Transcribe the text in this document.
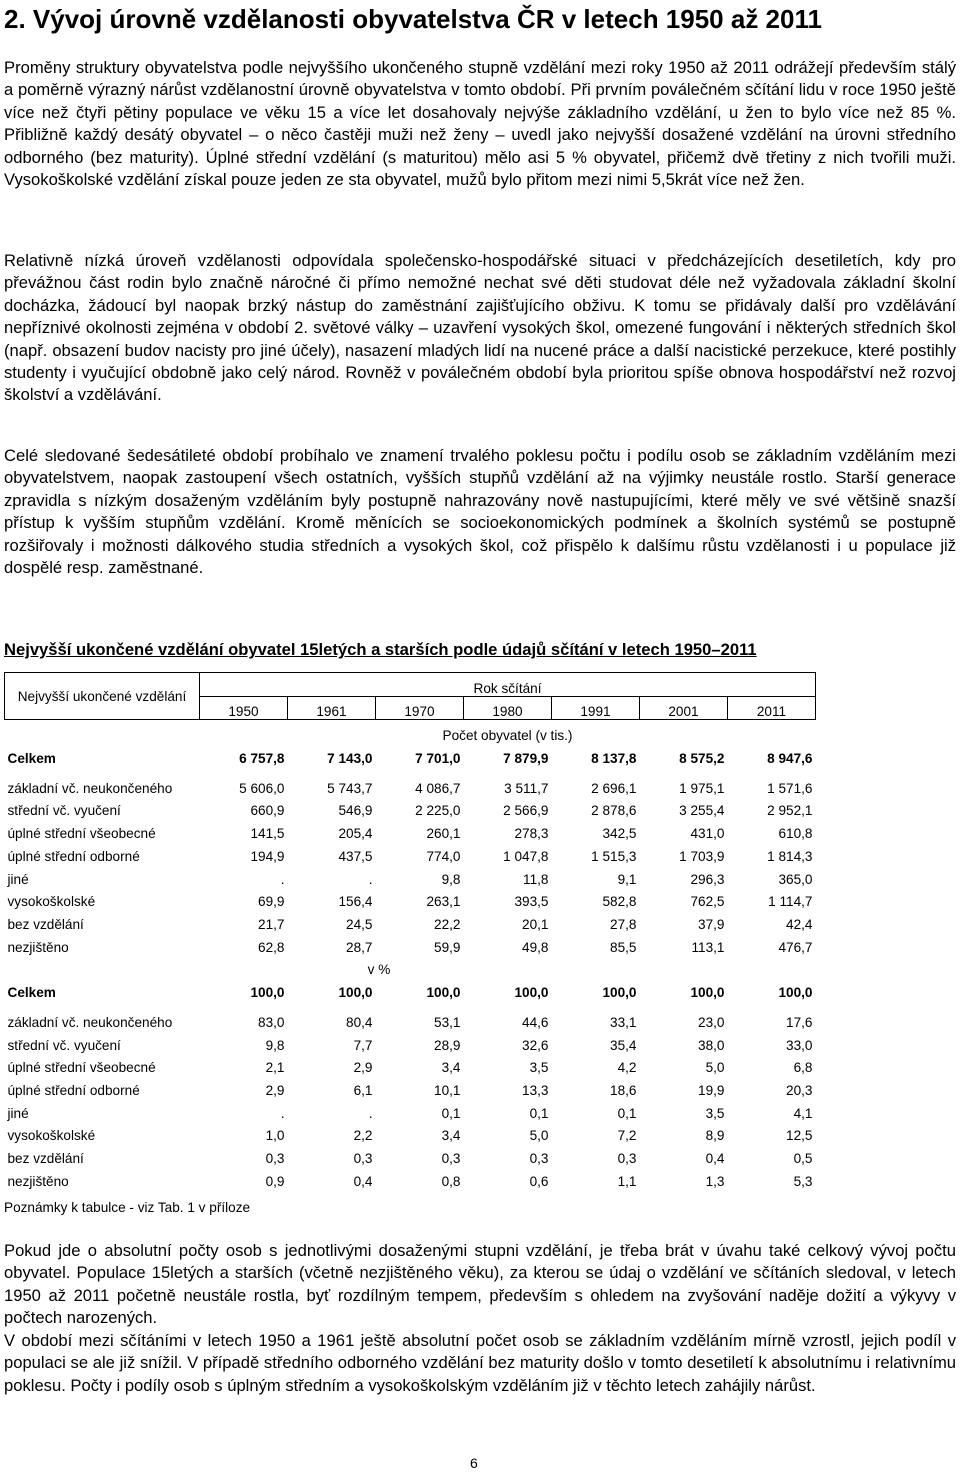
2. Vývoj úrovně vzdělanosti obyvatelstva ČR v letech 1950 až 2011

Proměny struktury obyvatelstva podle nejvyššího ukončeného stupně vzdělání mezi roky 1950 až 2011 odrážejí především stálý a poměrně výrazný nárůst vzdělanostní úrovně obyvatelstva v tomto období. Při prvním poválečném sčítání lidu v roce 1950 ještě více než čtyři pětiny populace ve věku 15 a více let dosahovaly nejvýše základního vzdělání, u žen to bylo více než 85 %. Přibližně každý desátý obyvatel – o něco častěji muži než ženy – uvedl jako nejvyšší dosažené vzdělání na úrovni středního odborného (bez maturity). Úplné střední vzdělání (s maturitou) mělo asi 5 % obyvatel, přičemž dvě třetiny z nich tvořili muži. Vysokoškolské vzdělání získal pouze jeden ze sta obyvatel, mužů bylo přitom mezi nimi 5,5krát více než žen.

Relativně nízká úroveň vzdělanosti odpovídala společensko-hospodářské situaci v předcházejících desetiletích, kdy pro převážnou část rodin bylo značně náročné či přímo nemožné nechat své děti studovat déle než vyžadovala základní školní docházka, žádoucí byl naopak brzký nástup do zaměstnání zajišťujícího obživu. K tomu se přidávaly další pro vzdělávání nepříznivé okolnosti zejména v období 2. světové války – uzavření vysokých škol, omezené fungování i některých středních škol (např. obsazení budov nacisty pro jiné účely), nasazení mladých lidí na nucené práce a další nacistické perzekuce, které postihly studenty i vyučující obdobně jako celý národ. Rovněž v poválečném období byla prioritou spíše obnova hospodářství než rozvoj školství a vzdělávání.

Celé sledované šedesátileté období probíhalo ve znamení trvalého poklesu počtu i podílu osob se základním vzděláním mezi obyvatelstvem, naopak zastoupení všech ostatních, vyšších stupňů vzdělání až na výjimky neustále rostlo. Starší generace zpravidla s nízkým dosaženým vzděláním byly postupně nahrazovány nově nastupujícími, které měly ve své většině snazší přístup k vyšším stupňům vzdělání. Kromě měnících se socioekonomických podmínek a školních systémů se postupně rozšiřovaly i možnosti dálkového studia středních a vysokých škol, což přispělo k dalšímu růstu vzdělanosti i u populace již dospělé resp. zaměstnané.

Nejvyšší ukončené vzdělání obyvatel 15letých a starších podle údajů sčítání v letech 1950–2011

Nejvyšší ukončené vzdělání	Rok sčítání						
	1950	1961	1970	1980	1991	2001	2011
	Počet obyvatel (v tis.)						
Celkem	6 757,8	7 143,0	7 701,0	7 879,9	8 137,8	8 575,2	8 947,6
základní vč. neukončeného	5 606,0	5 743,7	4 086,7	3 511,7	2 696,1	1 975,1	1 571,6
střední vč. vyučení	660,9	546,9	2 225,0	2 566,9	2 878,6	3 255,4	2 952,1
úplné střední všeobecné	141,5	205,4	260,1	278,3	342,5	431,0	610,8
úplné střední odborné	194,9	437,5	774,0	1 047,8	1 515,3	1 703,9	1 814,3
jiné	.	.	9,8	11,8	9,1	296,3	365,0
vysokoškolské	69,9	156,4	263,1	393,5	582,8	762,5	1 114,7
bez vzdělání	21,7	24,5	22,2	20,1	27,8	37,9	42,4
nezjištěno	62,8	28,7	59,9	49,8	85,5	113,1	476,7
	v %						
Celkem	100,0	100,0	100,0	100,0	100,0	100,0	100,0
základní vč. neukončeného	83,0	80,4	53,1	44,6	33,1	23,0	17,6
střední vč. vyučení	9,8	7,7	28,9	32,6	35,4	38,0	33,0
úplné střední všeobecné	2,1	2,9	3,4	3,5	4,2	5,0	6,8
úplné střední odborné	2,9	6,1	10,1	13,3	18,6	19,9	20,3
jiné	.	.	0,1	0,1	0,1	3,5	4,1
vysokoškolské	1,0	2,2	3,4	5,0	7,2	8,9	12,5
bez vzdělání	0,3	0,3	0,3	0,3	0,3	0,4	0,5
nezjištěno	0,9	0,4	0,8	0,6	1,1	1,3	5,3
Poznámky k tabulce - viz Tab. 1 v příloze

Pokud jde o absolutní počty osob s jednotlivými dosaženými stupni vzdělání, je třeba brát v úvahu také celkový vývoj počtu obyvatel. Populace 15letých a starších (včetně nezjištěného věku), za kterou se údaj o vzdělání ve sčítáních sledoval, v letech 1950 až 2011 početně neustále rostla, byť rozdílným tempem, především s ohledem na zvyšování naděje dožití a výkyvy v počtech narozených.

V období mezi sčítáními v letech 1950 a 1961 ještě absolutní počet osob se základním vzděláním mírně vzrostl, jejich podíl v populaci se ale již snížil. V případě středního odborného vzdělání bez maturity došlo v tomto desetiletí k absolutnímu i relativnímu poklesu. Počty i podíly osob s úplným středním a vysokoškolským vzděláním již v těchto letech zahájily nárůst.

6
